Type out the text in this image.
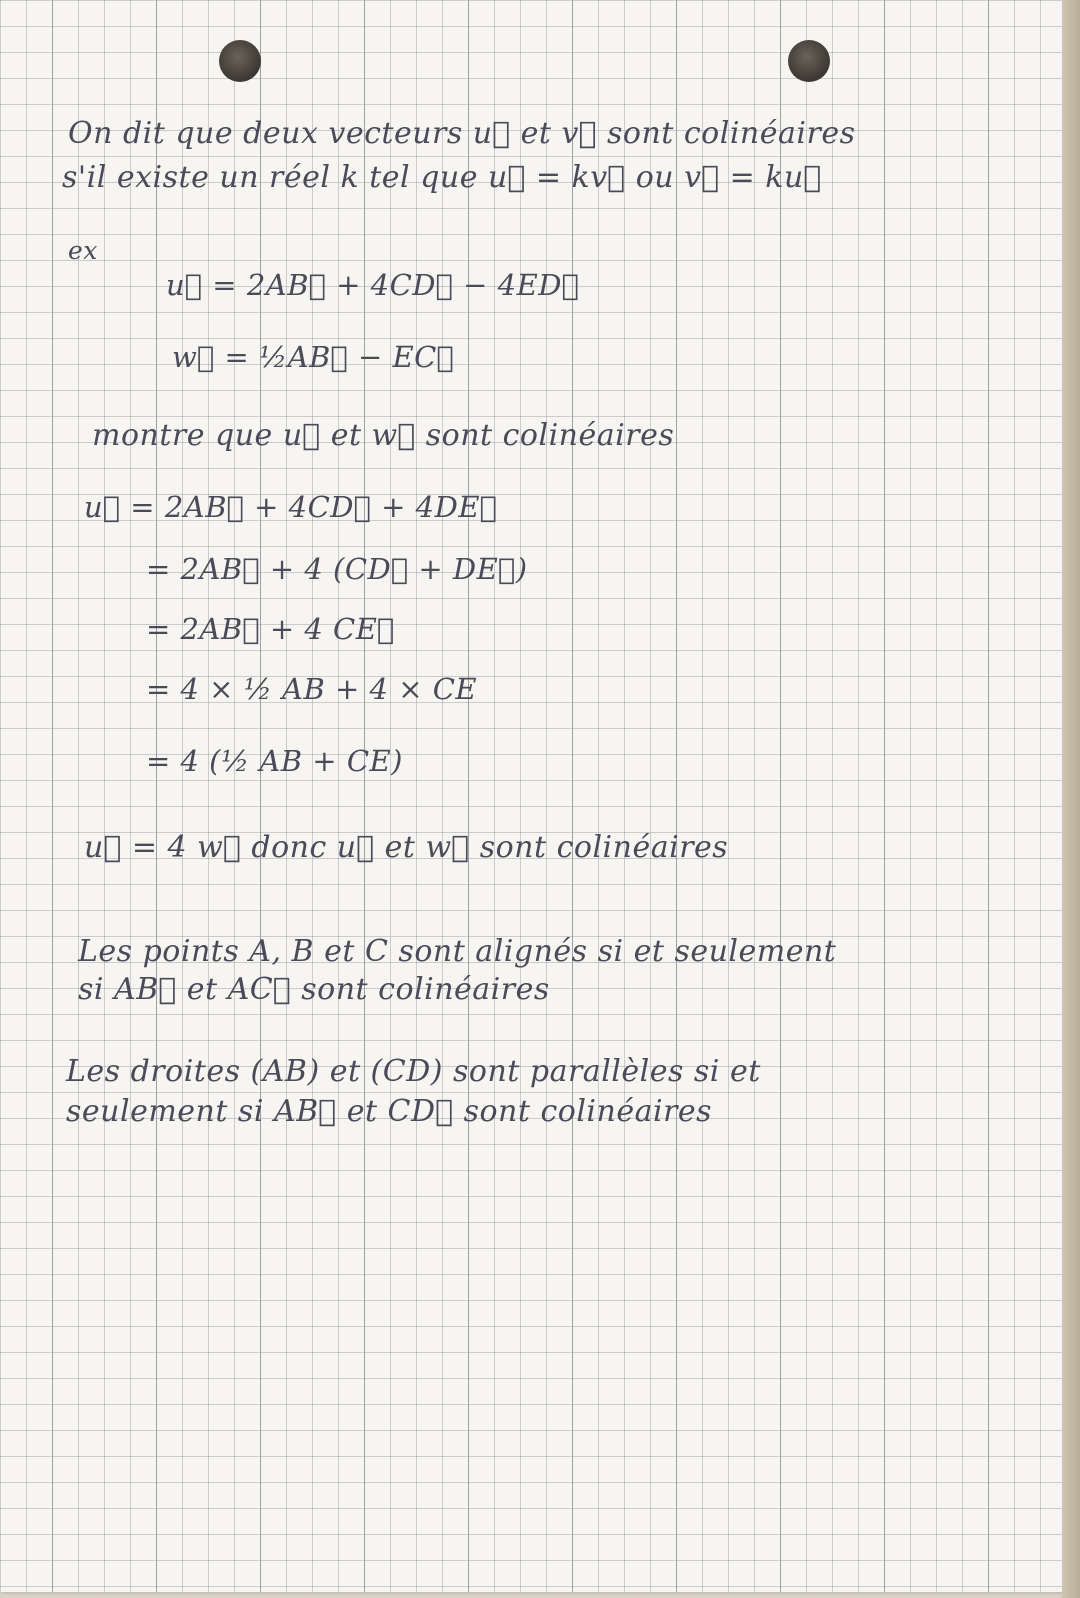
On dit que deux vecteurs u⃗ et v⃗ sont colinéaires
s'il existe un réel k tel que u⃗ = kv⃗ ou v⃗ = ku⃗
ex
u⃗ = 2AB⃗ + 4CD⃗ − 4ED⃗
w⃗ = ½AB⃗ − EC⃗
montre que u⃗ et w⃗ sont colinéaires
u⃗ = 2AB⃗ + 4CD⃗ + 4DE⃗
= 2AB⃗ + 4 (CD⃗ + DE⃗)
= 2AB⃗ + 4 CE⃗
= 4 × ½ AB + 4 × CE
= 4 (½ AB + CE)
u⃗ = 4 w⃗ donc u⃗ et w⃗ sont colinéaires
Les points A, B et C sont alignés si et seulement
si AB⃗ et AC⃗ sont colinéaires
Les droites (AB) et (CD) sont parallèles si et
seulement si AB⃗ et CD⃗ sont colinéaires
